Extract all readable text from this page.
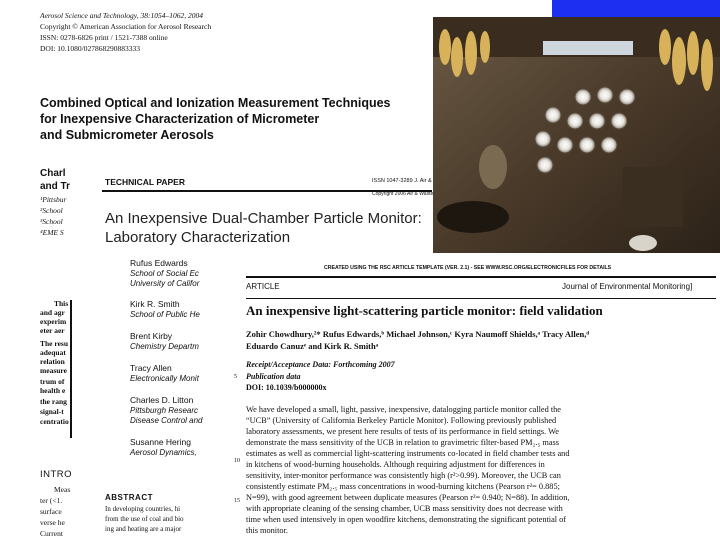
Aerosol Science and Technology, 38:1054–1062, 2004
Copyright © American Association for Aerosol Research
ISSN: 0278-6826 print / 1521-7388 online
DOI: 10.1080/027868290883333
Combined Optical and Ionization Measurement Techniques
for Inexpensive Characterization of Micrometer
and Submicrometer Aerosols
Charl
and Tr
¹Pittsbur
²School
³School
⁴EME S
This
and agr
experim
eter aer
The resu
adequat
relation
measure
trum of
health e
the rang
signal-t
centratio
INTRO
Meas
ter (<1.
surface
verse he
Current
TECHNICAL PAPER	ISSN 1047-3289 J. Air &
Copyright 2006 Air & Waste
An Inexpensive Dual-Chamber Particle Monitor:
Laboratory Characterization
Rufus Edwards
School of Social Ec
University of Califor
Kirk R. Smith
School of Public He
Brent Kirby
Chemistry Departm
Tracy Allen
Electronically Monit
Charles D. Litton
Pittsburgh Researc
Disease Control and
Susanne Hering
Aerosol Dynamics,
ABSTRACT
In developing countries, hi
from the use of coal and bio
ing and heating are a major
CREATED USING THE RSC ARTICLE TEMPLATE (VER. 2.1) - SEE WWW.RSC.ORG/ELECTRONICFILES FOR DETAILS
ARTICLE	Journal of Environmental Monitoring]
An inexpensive light-scattering particle monitor: field validation
Zohir Chowdhury,²* Rufus Edwards,ᵇ Michael Johnson,ᶜ Kyra Naumoff Shields,ᵃ Tracy Allen,ᵈ
Eduardo Canuzᵉ and Kirk R. Smithᵃ
Receipt/Acceptance Data: Forthcoming 2007
Publication data
DOI: 10.1039/b000000x
5
10
15
We have developed a small, light, passive, inexpensive, datalogging particle monitor called the
“UCB” (University of California Berkeley Particle Monitor). Following previously published
laboratory assessments, we present here results of tests of its performance in field settings. We
demonstrate the mass sensitivity of the UCB in relation to gravimetric filter-based PM₂.₅ mass
estimates as well as commercial light-scattering instruments co-located in field chamber tests and
in kitchens of wood-burning households. Although requiring adjustment for differences in
sensitivity, inter-monitor performance was consistently high (r²>0.99). Moreover, the UCB can
consistently estimate PM₂.₅ mass concentrations in wood-burning kitchens (Pearson r²= 0.885;
N=99), with good agreement between duplicate measures (Pearson r²= 0.940; N=88). In addition,
with appropriate cleaning of the sensing chamber, UCB mass sensitivity does not decrease with
time when used intensively in open woodfire kitchens, demonstrating the significant potential of
this monitor.
